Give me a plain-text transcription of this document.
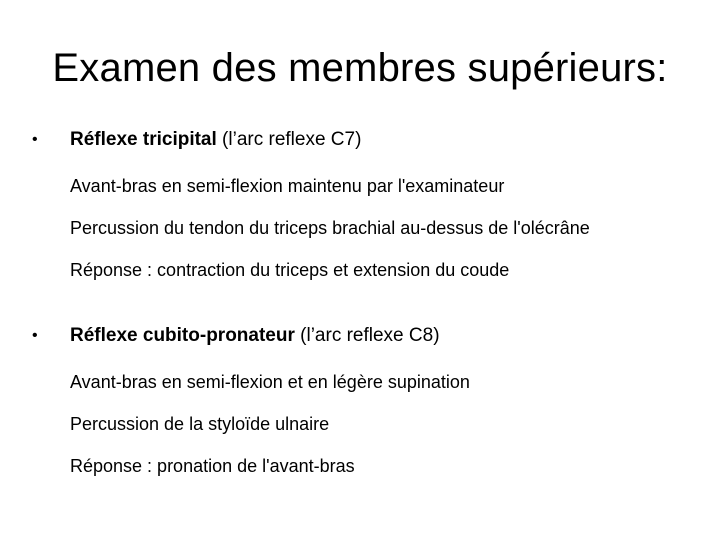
Examen des membres supérieurs:
•	Réflexe tricipital (l’arc reflexe C7)
Avant-bras en semi-flexion maintenu par l'examinateur
Percussion du tendon du triceps brachial au-dessus de l'olécrâne
Réponse : contraction du triceps et extension du coude
•	Réflexe cubito-pronateur (l’arc reflexe C8)
Avant-bras en semi-flexion et en légère supination
Percussion de la styloïde ulnaire
Réponse : pronation de l'avant-bras
